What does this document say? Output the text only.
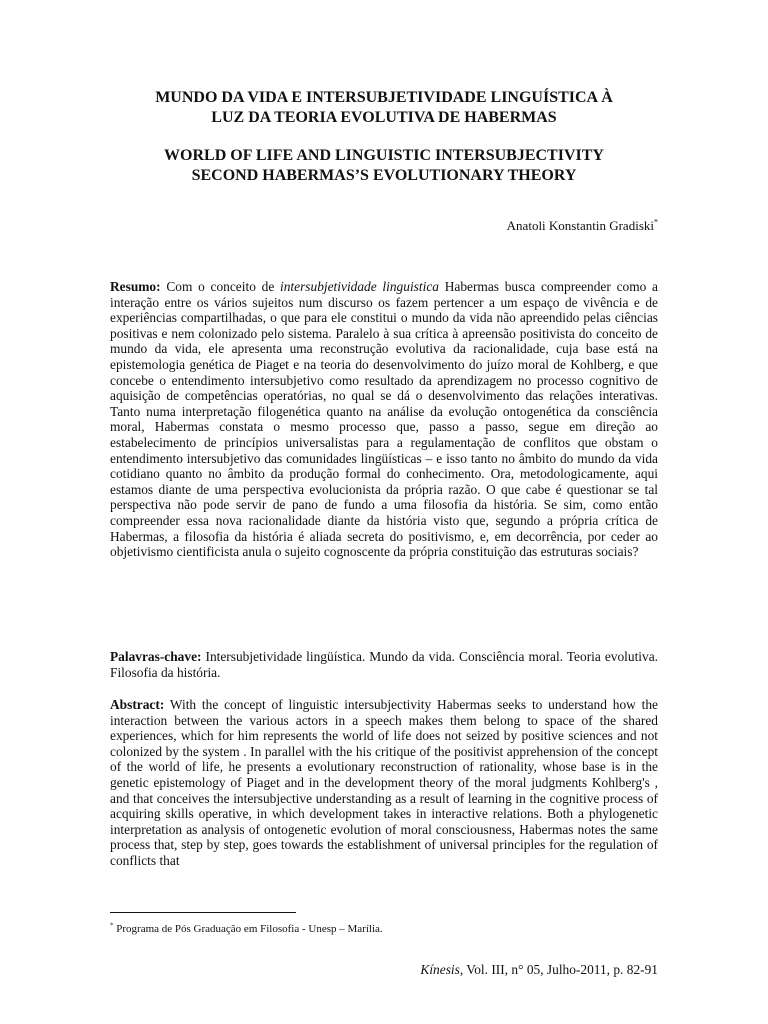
MUNDO DA VIDA E INTERSUBJETIVIDADE LINGUÍSTICA À
LUZ DA TEORIA EVOLUTIVA DE HABERMAS
WORLD OF LIFE AND LINGUISTIC INTERSUBJECTIVITY
SECOND HABERMAS’S EVOLUTIONARY THEORY
Anatoli Konstantin Gradiski*

Resumo: Com o conceito de intersubjetividade linguistica Habermas busca compreender como a interação entre os vários sujeitos num discurso os fazem pertencer a um espaço de vivência e de experiências compartilhadas, o que para ele constitui o mundo da vida não apreendido pelas ciências positivas e nem colonizado pelo sistema. Paralelo à sua crítica à apreensão positivista do conceito de mundo da vida, ele apresenta uma reconstrução evolutiva da racionalidade, cuja base está na epistemologia genética de Piaget e na teoria do desenvolvimento do juízo moral de Kohlberg, e que concebe o entendimento intersubjetivo como resultado da aprendizagem no processo cognitivo de aquisição de competências operatórias, no qual se dá o desenvolvimento das relações interativas. Tanto numa interpretação filogenética quanto na análise da evolução ontogenética da consciência moral, Habermas constata o mesmo processo que, passo a passo, segue em direção ao estabelecimento de princípios universalistas para a regulamentação de conflitos que obstam o entendimento intersubjetivo das comunidades lingüísticas – e isso tanto no âmbito do mundo da vida cotidiano quanto no âmbito da produção formal do conhecimento. Ora, metodologicamente, aqui estamos diante de uma perspectiva evolucionista da própria razão. O que cabe é questionar se tal perspectiva não pode servir de pano de fundo a uma filosofia da história. Se sim, como então compreender essa nova racionalidade diante da história visto que, segundo a própria crítica de Habermas, a filosofia da história é aliada secreta do positivismo, e, em decorrência, por ceder ao objetivismo cientificista anula o sujeito cognoscente da própria constituição das estruturas sociais?

Palavras-chave: Intersubjetividade lingüística. Mundo da vida. Consciência moral. Teoria evolutiva. Filosofia da história.

Abstract: With the concept of linguistic intersubjectivity Habermas seeks to understand how the interaction between the various actors in a speech makes them belong to space of the shared experiences, which for him represents the world of life does not seized by positive sciences and not colonized by the system . In parallel with the his critique of the positivist apprehension of the concept of the world of life, he presents a evolutionary reconstruction of rationality, whose base is in the genetic epistemology of Piaget and in the development theory of the moral judgments Kohlberg's , and that conceives the intersubjective understanding as a result of learning in the cognitive process of acquiring skills operative, in which development takes in interactive relations. Both a phylogenetic interpretation as analysis of ontogenetic evolution of moral consciousness, Habermas notes the same process that, step by step, goes towards the establishment of universal principles for the regulation of conflicts that

* Programa de Pós Graduação em Filosofia - Unesp – Marília.
Kínesis, Vol. III, n° 05, Julho-2011, p. 82-91
